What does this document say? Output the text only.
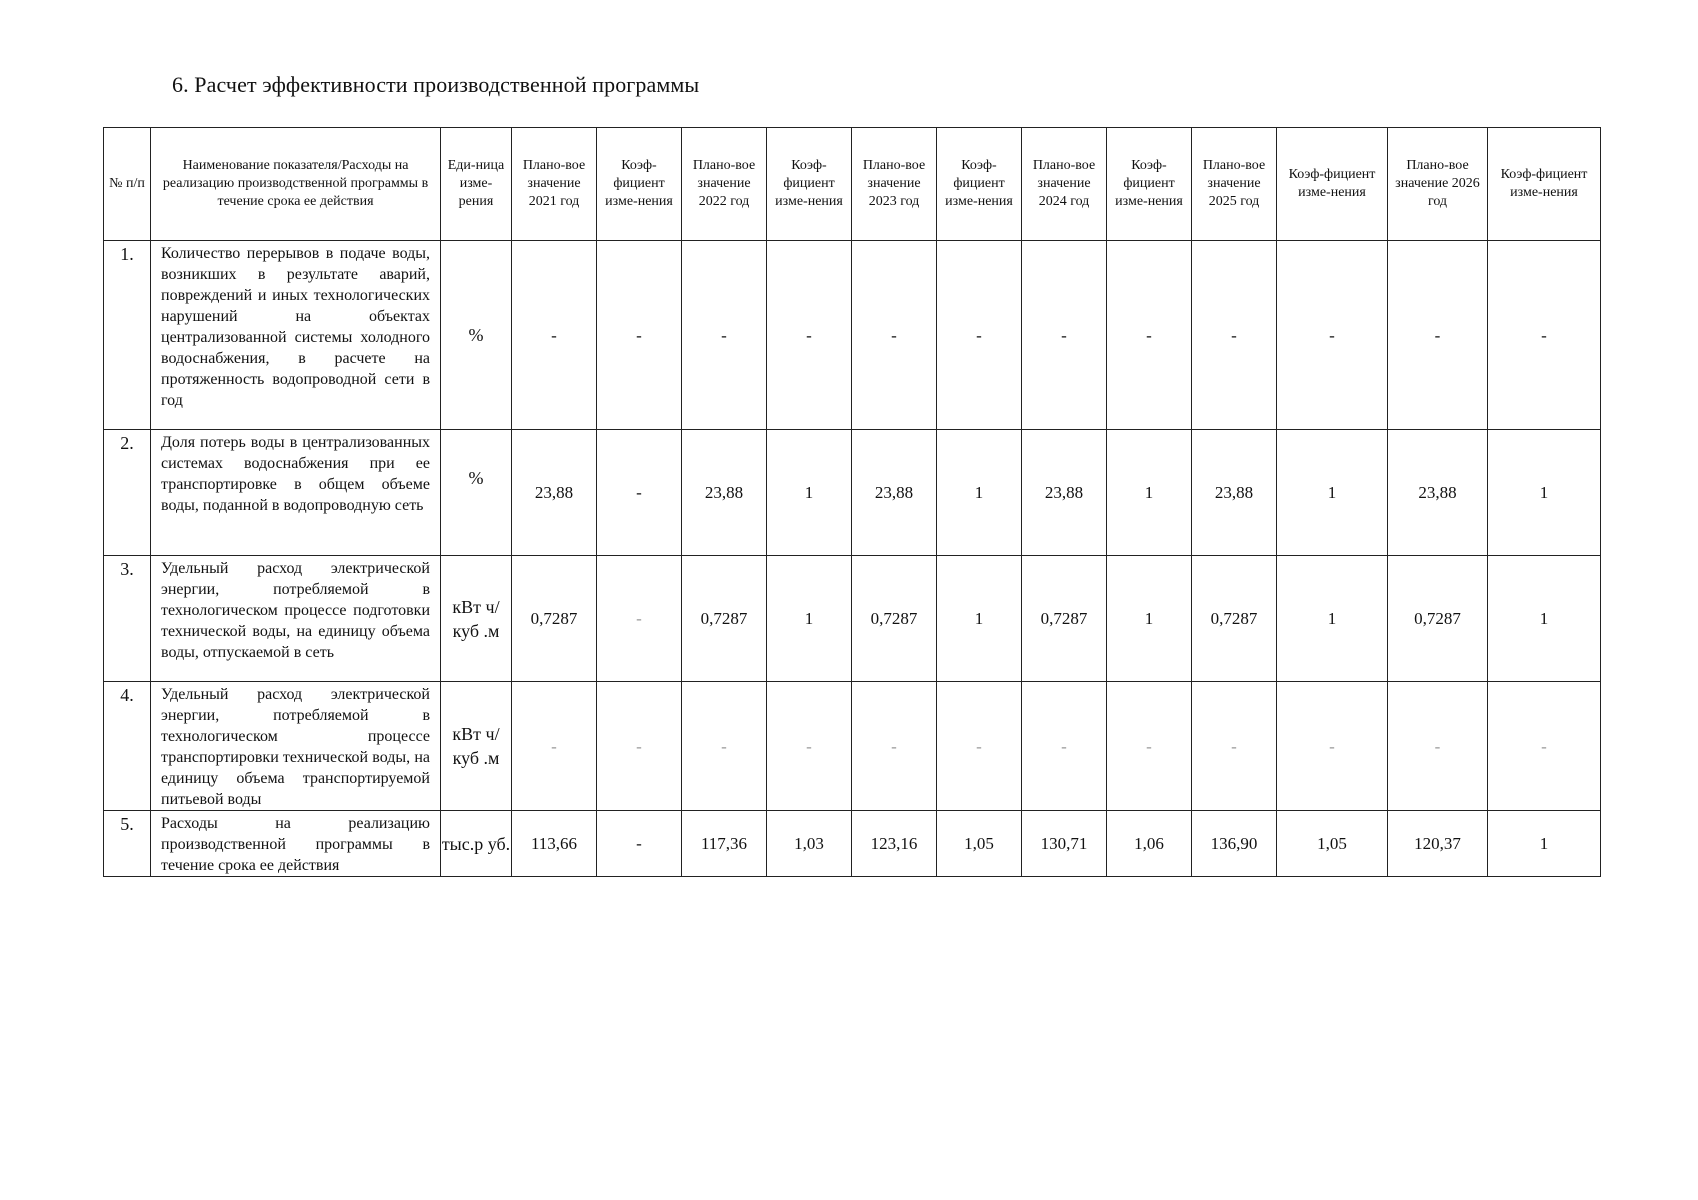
6. Расчет эффективности производственной программы
№ п/п	Наименование показателя/Расходы на реализацию производственной программы в течение срока ее действия	Еди-ница изме-рения	Плано-вое значение 2021 год	Коэф-фициент изме-нения	Плано-вое значение 2022 год	Коэф-фициент изме-нения	Плано-вое значение 2023 год	Коэф-фициент изме-нения	Плано-вое значение 2024 год	Коэф-фициент изме-нения	Плано-вое значение 2025 год	Коэф-фициент изме-нения	Плано-вое значение 2026 год	Коэф-фициент изме-нения
1.	Количество перерывов в подаче воды, возникших в результате аварий, повреждений и иных технологических нарушений на объектах централизованной системы холодного водоснабжения, в расчете на протяженность водопроводной сети в год	%	-	-	-	-	-	-	-	-	-	-	-	-
2.	Доля потерь воды в централизованных системах водоснабжения при ее транспортировке в общем объеме воды, поданной в водопроводную сеть	%	23,88	-	23,88	1	23,88	1	23,88	1	23,88	1	23,88	1
3.	Удельный расход электрической энергии, потребляемой в технологическом процессе подготовки технической воды, на единицу объема воды, отпускаемой в сеть	кВт ч/куб .м	0,7287	-	0,7287	1	0,7287	1	0,7287	1	0,7287	1	0,7287	1
4.	Удельный расход электрической энергии, потребляемой в технологическом процессе транспортировки технической воды, на единицу объема транспортируемой питьевой воды	кВт ч/куб .м	-	-	-	-	-	-	-	-	-	-	-	-
5.	Расходы на реализацию производственной программы в течение срока ее действия	тыс.р уб.	113,66	-	117,36	1,03	123,16	1,05	130,71	1,06	136,90	1,05	120,37	1
